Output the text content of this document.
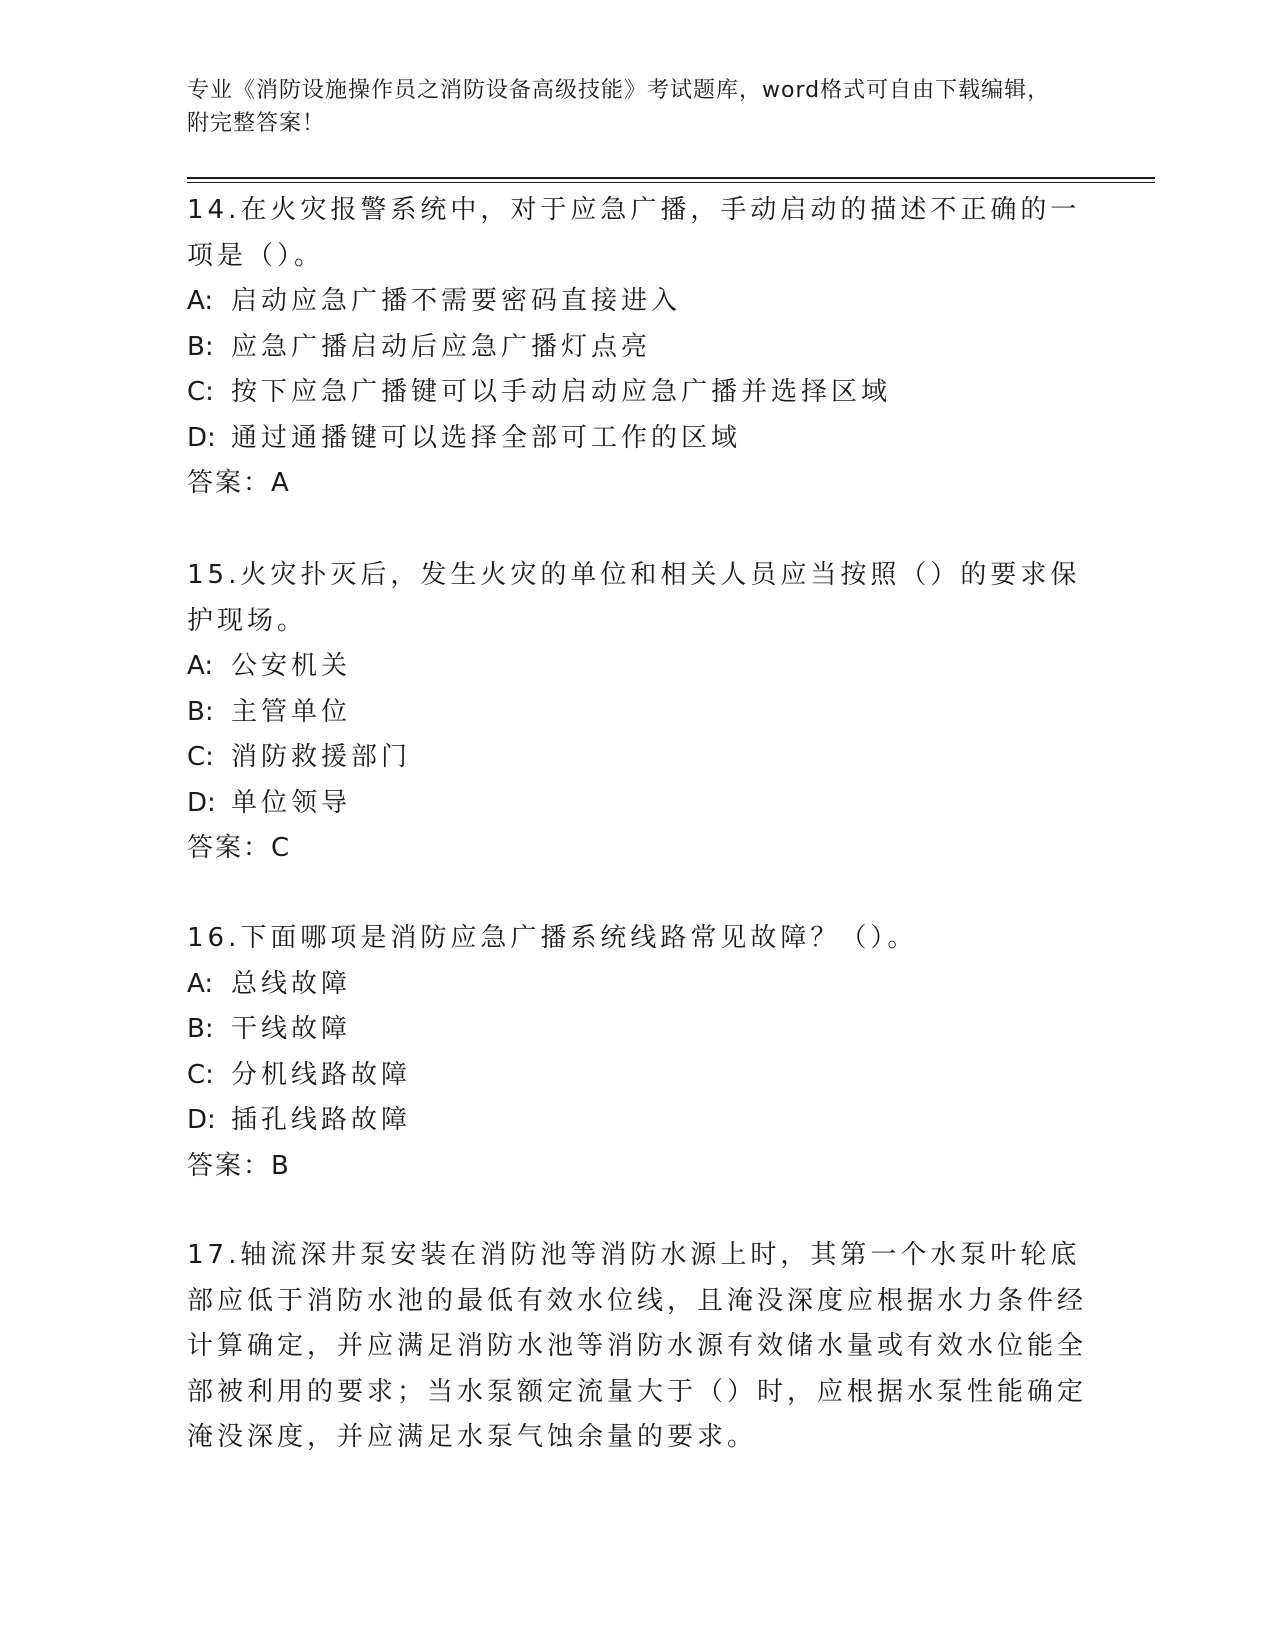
专业《消防设施操作员之消防设备高级技能》考试题库，word格式可自由下载编辑，附完整答案！

14.在火灾报警系统中，对于应急广播，手动启动的描述不正确的一项是（）。

A: 启动应急广播不需要密码直接进入

B: 应急广播启动后应急广播灯点亮

C: 按下应急广播键可以手动启动应急广播并选择区域

D: 通过通播键可以选择全部可工作的区域

答案：A

15.火灾扑灭后，发生火灾的单位和相关人员应当按照（）的要求保护现场。

A: 公安机关

B: 主管单位

C: 消防救援部门

D: 单位领导

答案：C

16.下面哪项是消防应急广播系统线路常见故障？（）。

A: 总线故障

B: 干线故障

C: 分机线路故障

D: 插孔线路故障

答案：B

17.轴流深井泵安装在消防池等消防水源上时，其第一个水泵叶轮底部应低于消防水池的最低有效水位线，且淹没深度应根据水力条件经计算确定，并应满足消防水池等消防水源有效储水量或有效水位能全部被利用的要求；当水泵额定流量大于（）时，应根据水泵性能确定淹没深度，并应满足水泵气蚀余量的要求。
